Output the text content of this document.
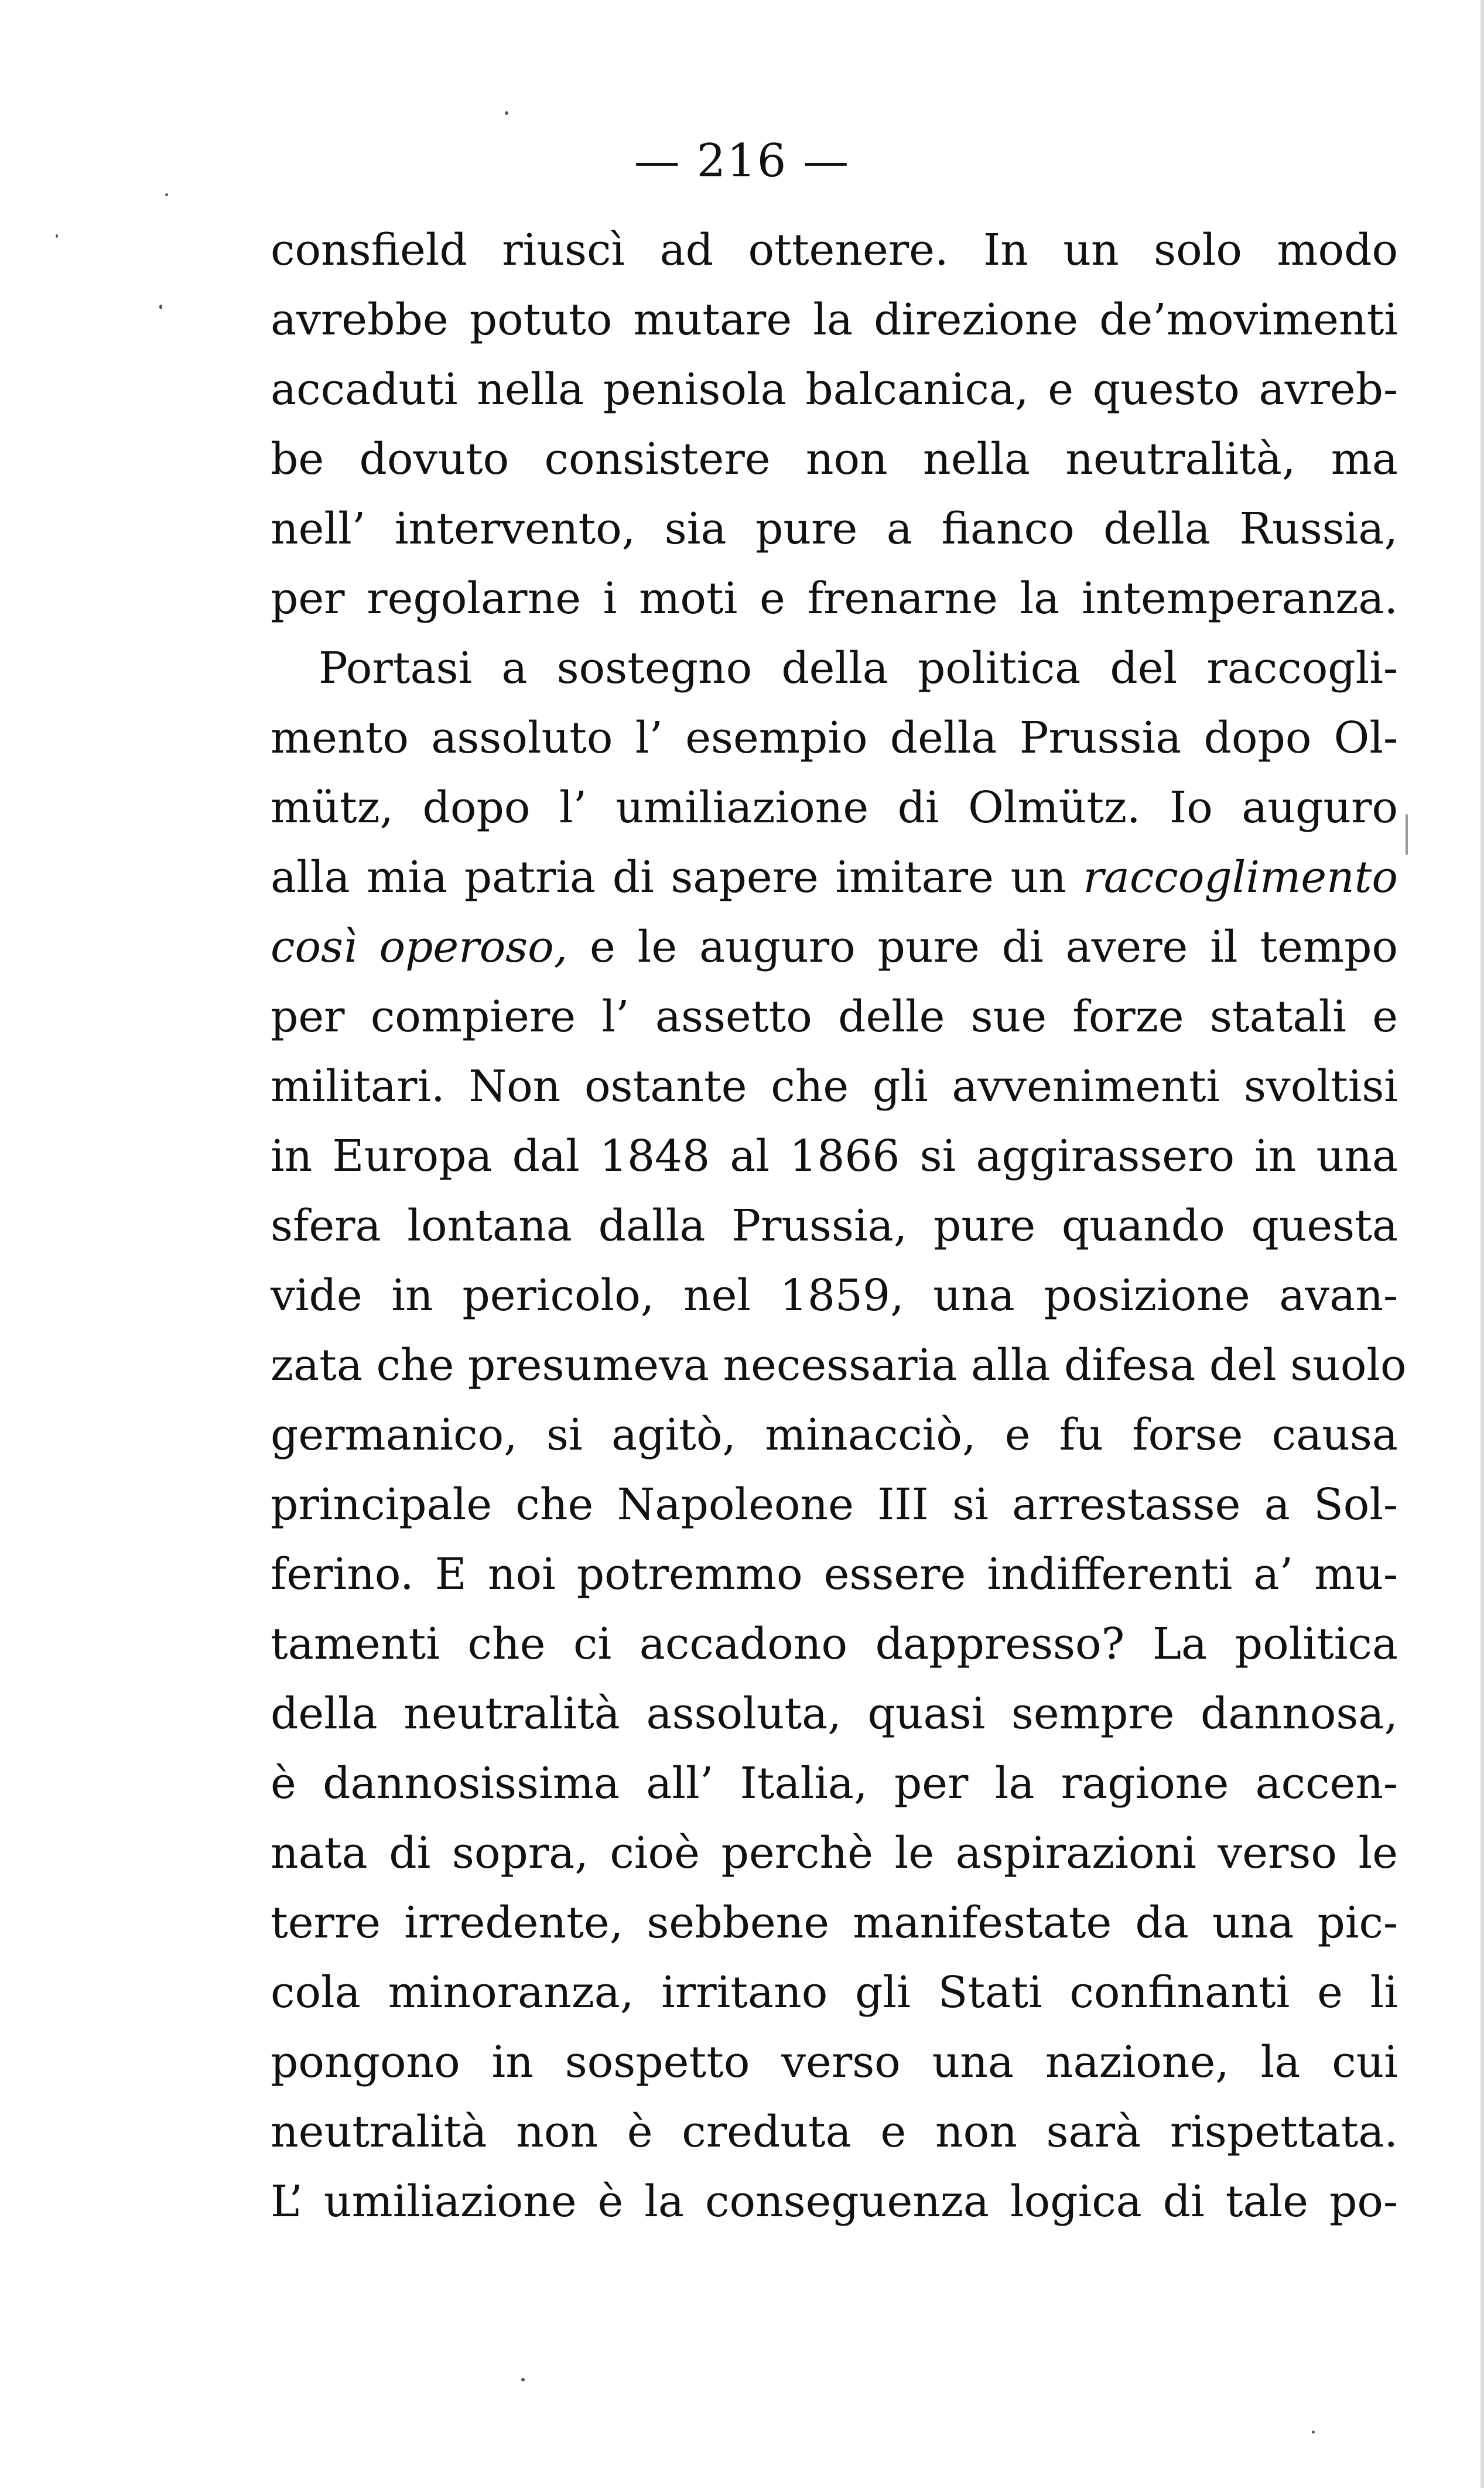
— 216 —
consfield riuscì ad ottenere. In un solo modo
avrebbe potuto mutare la direzione de’movimenti
accaduti nella penisola balcanica, e questo avreb-
be dovuto consistere non nella neutralità, ma
nell’ intervento, sia pure a fianco della Russia,
per regolarne i moti e frenarne la intemperanza.
Portasi a sostegno della politica del raccogli-
mento assoluto l’ esempio della Prussia dopo Ol-
mütz, dopo l’ umiliazione di Olmütz. Io auguro
alla mia patria di sapere imitare un raccoglimento
così operoso, e le auguro pure di avere il tempo
per compiere l’ assetto delle sue forze statali e
militari. Non ostante che gli avvenimenti svoltisi
in Europa dal 1848 al 1866 si aggirassero in una
sfera lontana dalla Prussia, pure quando questa
vide in pericolo, nel 1859, una posizione avan-
zata che presumeva necessaria alla difesa del suolo
germanico, si agitò, minacciò, e fu forse causa
principale che Napoleone III si arrestasse a Sol-
ferino. E noi potremmo essere indifferenti a’ mu-
tamenti che ci accadono dappresso? La politica
della neutralità assoluta, quasi sempre dannosa,
è dannosissima all’ Italia, per la ragione accen-
nata di sopra, cioè perchè le aspirazioni verso le
terre irredente, sebbene manifestate da una pic-
cola minoranza, irritano gli Stati confinanti e li
pongono in sospetto verso una nazione, la cui
neutralità non è creduta e non sarà rispettata.
L’ umiliazione è la conseguenza logica di tale po-
